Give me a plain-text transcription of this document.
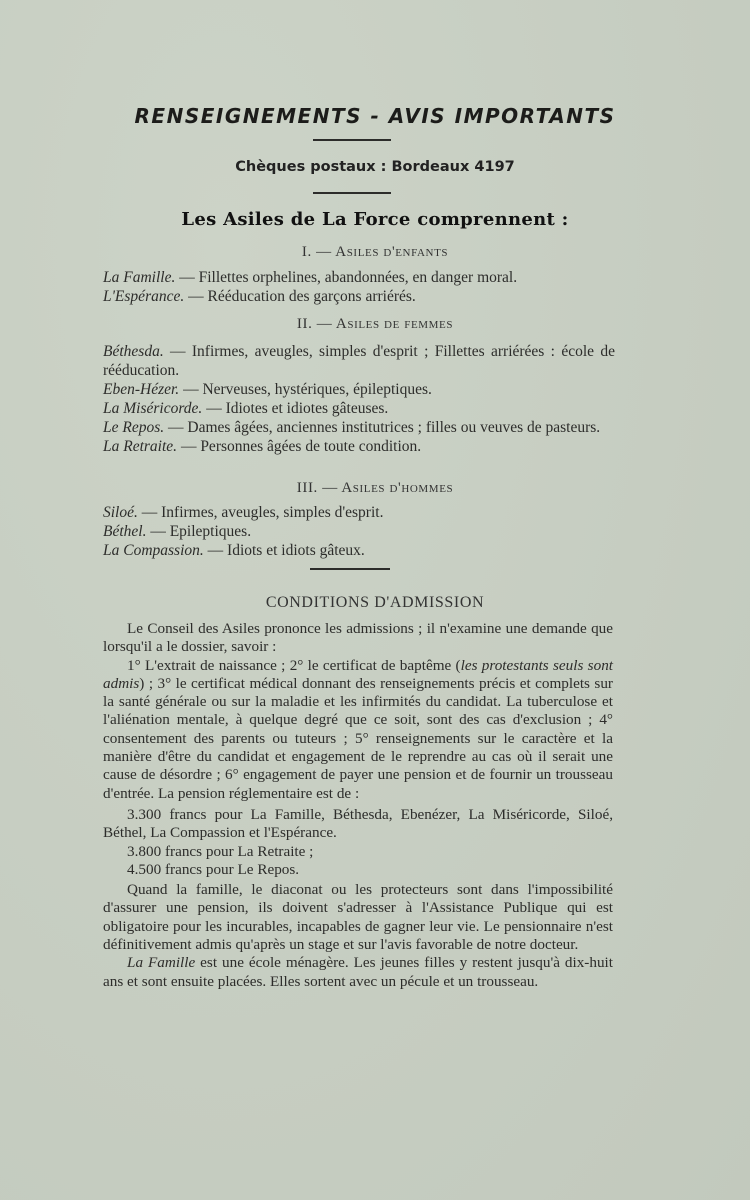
RENSEIGNEMENTS - AVIS IMPORTANTS
Chèques postaux : Bordeaux 4197
Les Asiles de La Force comprennent :
I. — Asiles d'enfants

La Famille. — Fillettes orphelines, abandonnées, en danger moral.

L'Espérance. — Rééducation des garçons arriérés.

II. — Asiles de femmes

Béthesda. — Infirmes, aveugles, simples d'esprit ; Fillettes arriérées : école de rééducation.

Eben-Hézer. — Nerveuses, hystériques, épileptiques.

La Miséricorde. — Idiotes et idiotes gâteuses.

Le Repos. — Dames âgées, anciennes institutrices ; filles ou veuves de pasteurs.

La Retraite. — Personnes âgées de toute condition.

III. — Asiles d'hommes

Siloé. — Infirmes, aveugles, simples d'esprit.

Béthel. — Epileptiques.

La Compassion. — Idiots et idiots gâteux.

CONDITIONS D'ADMISSION

Le Conseil des Asiles prononce les admissions ; il n'examine une demande que lorsqu'il a le dossier, savoir :

1° L'extrait de naissance ; 2° le certificat de baptême (les protestants seuls sont admis) ; 3° le certificat médical donnant des renseignements précis et complets sur la santé générale ou sur la maladie et les infirmités du candidat. La tuberculose et l'aliénation mentale, à quelque degré que ce soit, sont des cas d'exclusion ; 4° consentement des parents ou tuteurs ; 5° renseignements sur le caractère et la manière d'être du candidat et engagement de le reprendre au cas où il serait une cause de désordre ; 6° engagement de payer une pension et de fournir un trousseau d'entrée. La pension réglementaire est de :

3.300 francs pour La Famille, Béthesda, Ebenézer, La Miséricorde, Siloé, Béthel, La Compassion et l'Espérance.

3.800 francs pour La Retraite ;

4.500 francs pour Le Repos.

Quand la famille, le diaconat ou les protecteurs sont dans l'impossibilité d'assurer une pension, ils doivent s'adresser à l'Assistance Publique qui est obligatoire pour les incurables, incapables de gagner leur vie. Le pensionnaire n'est définitivement admis qu'après un stage et sur l'avis favorable de notre docteur.

La Famille est une école ménagère. Les jeunes filles y restent jusqu'à dix-huit ans et sont ensuite placées. Elles sortent avec un pécule et un trousseau.
